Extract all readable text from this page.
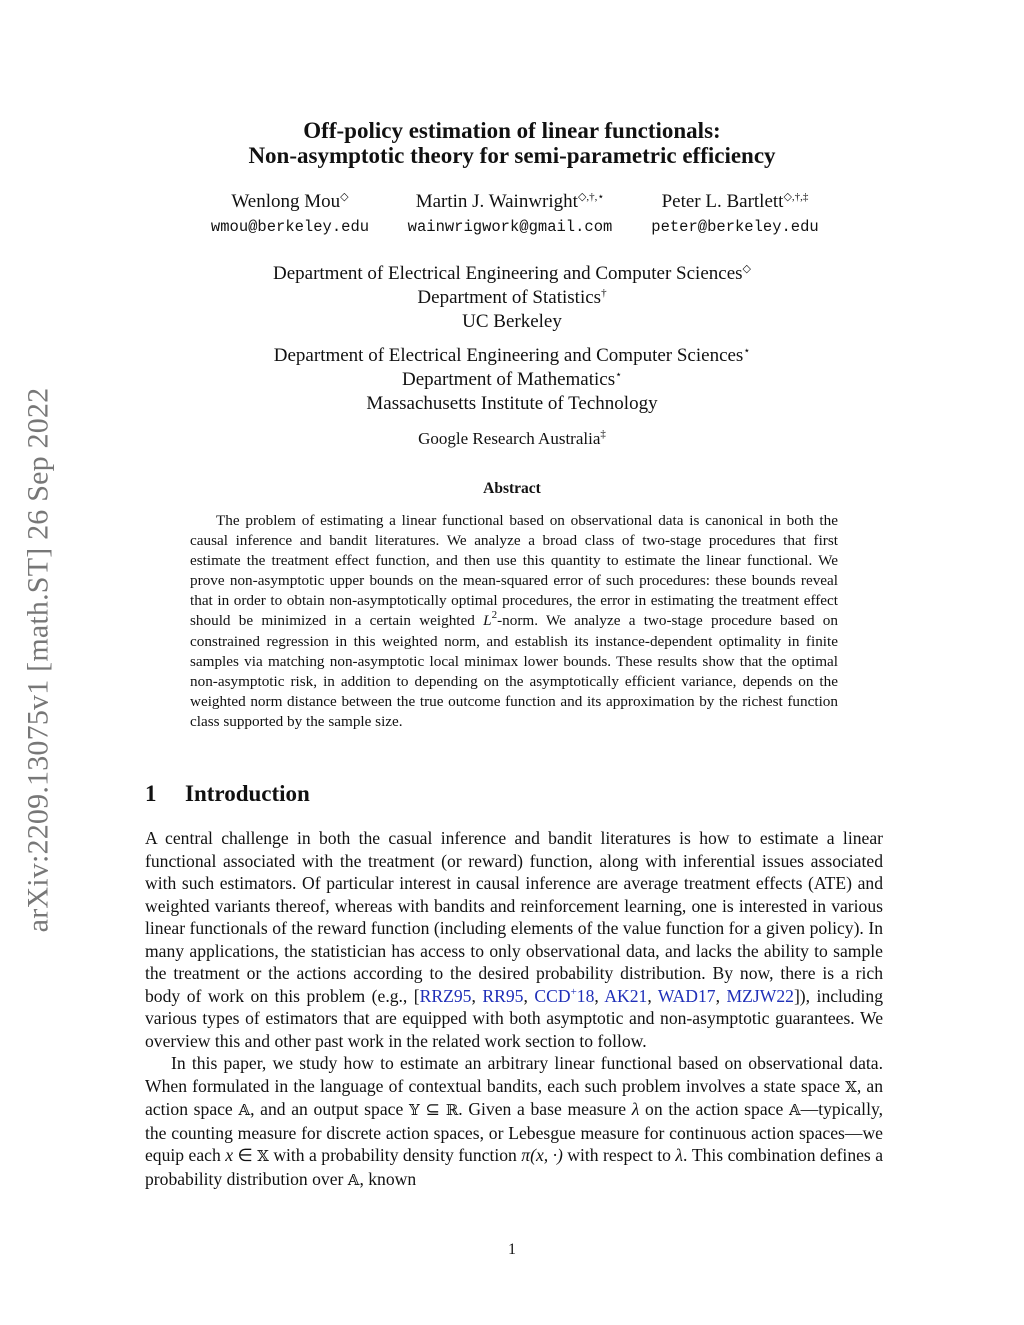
arXiv:2209.13075v1 [math.ST] 26 Sep 2022
Off-policy estimation of linear functionals:
Non-asymptotic theory for semi-parametric efficiency
Wenlong Mou◇
wmou@berkeley.edu
Martin J. Wainwright◇,†,⋆
wainwrigwork@gmail.com
Peter L. Bartlett◇,†,‡
peter@berkeley.edu
Department of Electrical Engineering and Computer Sciences◇
Department of Statistics†
UC Berkeley
Department of Electrical Engineering and Computer Sciences⋆
Department of Mathematics⋆
Massachusetts Institute of Technology
Google Research Australia‡
Abstract
The problem of estimating a linear functional based on observational data is canonical in both the causal inference and bandit literatures. We analyze a broad class of two-stage procedures that first estimate the treatment effect function, and then use this quantity to estimate the linear functional. We prove non-asymptotic upper bounds on the mean-squared error of such procedures: these bounds reveal that in order to obtain non-asymptotically optimal procedures, the error in estimating the treatment effect should be minimized in a certain weighted $L^2$-norm. We analyze a two-stage procedure based on constrained regression in this weighted norm, and establish its instance-dependent optimality in finite samples via matching non-asymptotic local minimax lower bounds. These results show that the optimal non-asymptotic risk, in addition to depending on the asymptotically efficient variance, depends on the weighted norm distance between the true outcome function and its approximation by the richest function class supported by the sample size.
1 Introduction

A central challenge in both the casual inference and bandit literatures is how to estimate a linear functional associated with the treatment (or reward) function, along with inferential issues associated with such estimators. Of particular interest in causal inference are average treatment effects (ATE) and weighted variants thereof, whereas with bandits and reinforcement learning, one is interested in various linear functionals of the reward function (including elements of the value function for a given policy). In many applications, the statistician has access to only observational data, and lacks the ability to sample the treatment or the actions according to the desired probability distribution. By now, there is a rich body of work on this problem (e.g., [RRZ95, RR95, CCD+18, AK21, WAD17, MZJW22]), including various types of estimators that are equipped with both asymptotic and non-asymptotic guarantees. We overview this and other past work in the related work section to follow.

In this paper, we study how to estimate an arbitrary linear functional based on observational data. When formulated in the language of contextual bandits, each such problem involves a state space 𝕏, an action space 𝔸, and an output space 𝕐 ⊆ ℝ. Given a base measure λ on the action space 𝔸—typically, the counting measure for discrete action spaces, or Lebesgue measure for continuous action spaces—we equip each x ∈ 𝕏 with a probability density function π(x, ·) with respect to λ. This combination defines a probability distribution over 𝔸, known

1
